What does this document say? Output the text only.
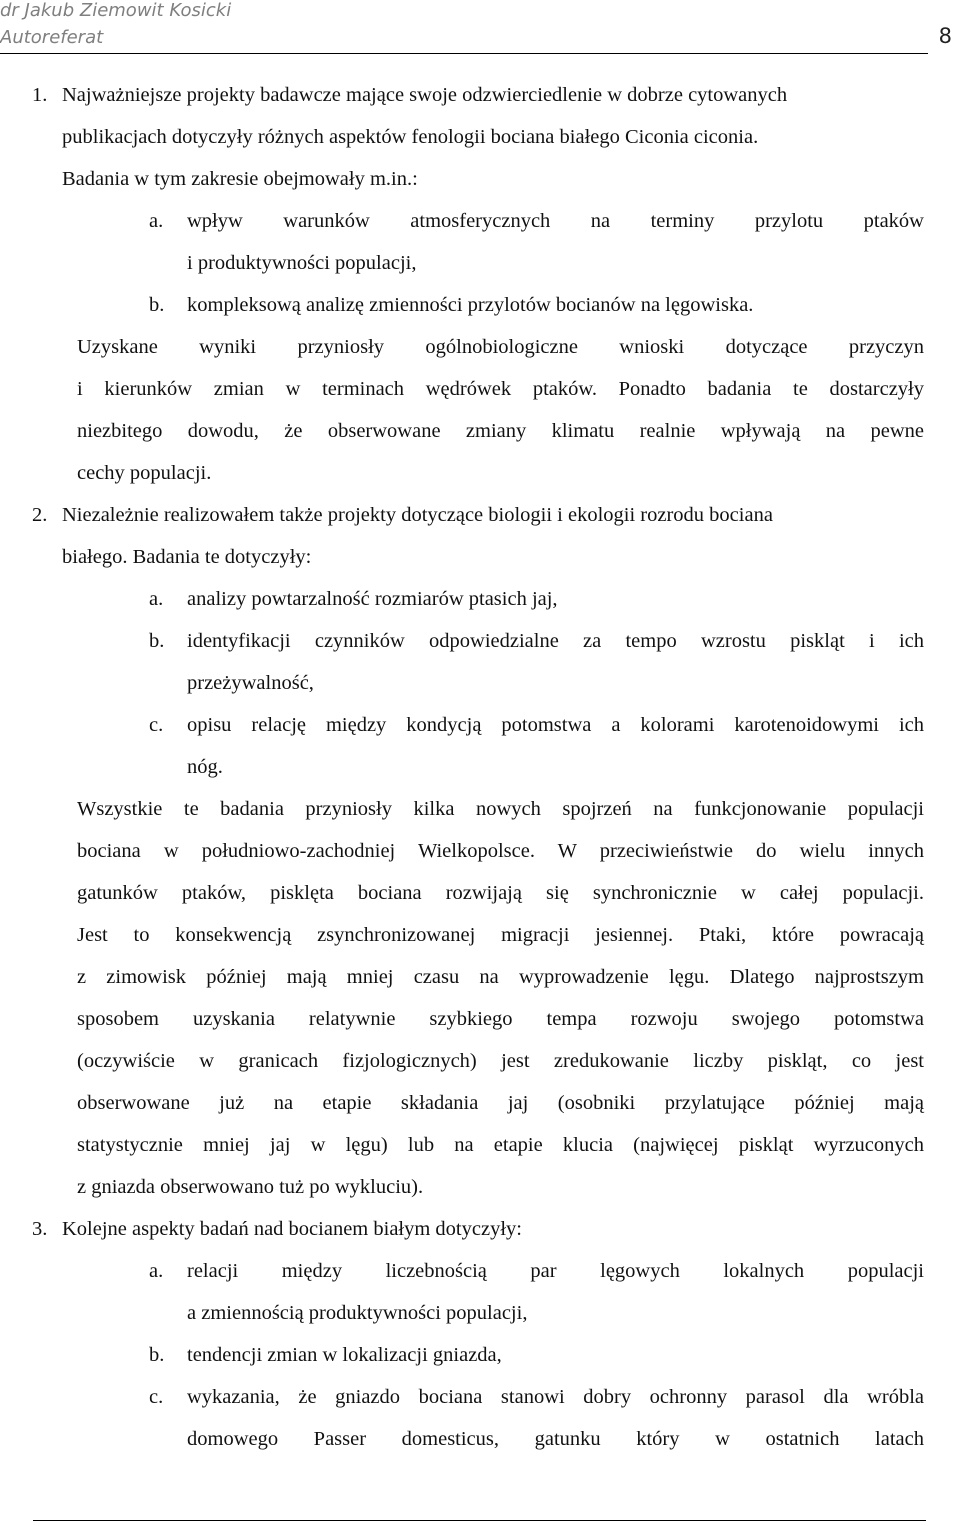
dr Jakub Ziemowit Kosicki
Autoreferat	8
1. Najważniejsze projekty badawcze mające swoje odzwierciedlenie w dobrze cytowanych
publikacjach dotyczyły różnych aspektów fenologii bociana białego Ciconia ciconia.
Badania w tym zakresie obejmowały m.in.:
a. wpływ warunków atmosferycznych na terminy przylotu ptaków
i produktywności populacji,
b. kompleksową analizę zmienności przylotów bocianów na lęgowiska.
Uzyskane wyniki przyniosły ogólnobiologiczne wnioski dotyczące przyczyn
i kierunków zmian w terminach wędrówek ptaków. Ponadto badania te dostarczyły
niezbitego dowodu, że obserwowane zmiany klimatu realnie wpływają na pewne
cechy populacji.
2. Niezależnie realizowałem także projekty dotyczące biologii i ekologii rozrodu bociana
białego. Badania te dotyczyły:
a. analizy powtarzalność rozmiarów ptasich jaj,
b. identyfikacji czynników odpowiedzialne za tempo wzrostu piskląt i ich
przeżywalność,
c. opisu relację między kondycją potomstwa a kolorami karotenoidowymi ich
nóg.
Wszystkie te badania przyniosły kilka nowych spojrzeń na funkcjonowanie populacji
bociana w południowo-zachodniej Wielkopolsce. W przeciwieństwie do wielu innych
gatunków ptaków, pisklęta bociana rozwijają się synchronicznie w całej populacji.
Jest to konsekwencją zsynchronizowanej migracji jesiennej. Ptaki, które powracają
z zimowisk później mają mniej czasu na wyprowadzenie lęgu. Dlatego najprostszym
sposobem uzyskania relatywnie szybkiego tempa rozwoju swojego potomstwa
(oczywiście w granicach fizjologicznych) jest zredukowanie liczby piskląt, co jest
obserwowane już na etapie składania jaj (osobniki przylatujące później mają
statystycznie mniej jaj w lęgu) lub na etapie klucia (najwięcej piskląt wyrzuconych
z gniazda obserwowano tuż po wykluciu).
3. Kolejne aspekty badań nad bocianem białym dotyczyły:
a. relacji między liczebnością par lęgowych lokalnych populacji
a zmiennością produktywności populacji,
b. tendencji zmian w lokalizacji gniazda,
c. wykazania, że gniazdo bociana stanowi dobry ochronny parasol dla wróbla
domowego Passer domesticus, gatunku który w ostatnich latach
